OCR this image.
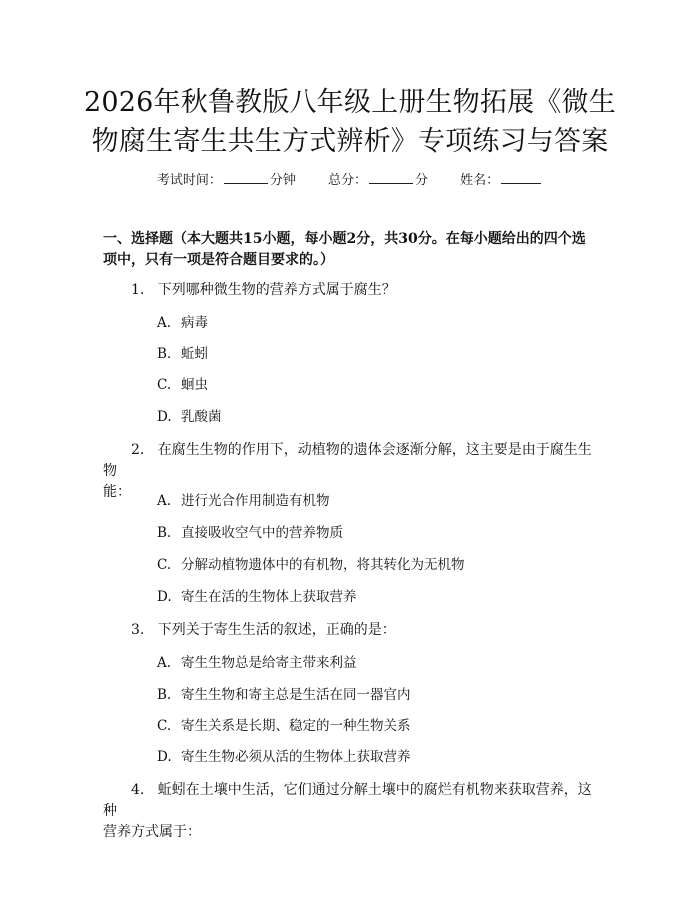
2026年秋鲁教版八年级上册生物拓展《微生
物腐生寄生共生方式辨析》专项练习与答案
考试时间：	分钟 总分：	分 姓名：

一、选择题（本大题共15小题，每小题2分，共30分。在每小题给出的四个选
项中，只有一项是符合题目要求的。）

1. 下列哪种微生物的营养方式属于腐生？

A. 病毒

B. 蚯蚓

C. 蛔虫

D. 乳酸菌

2. 在腐生生物的作用下，动植物的遗体会逐渐分解，这主要是由于腐生生物
能：

A. 进行光合作用制造有机物

B. 直接吸收空气中的营养物质

C. 分解动植物遗体中的有机物，将其转化为无机物

D. 寄生在活的生物体上获取营养

3. 下列关于寄生生活的叙述，正确的是：

A. 寄生生物总是给寄主带来利益

B. 寄生生物和寄主总是生活在同一器官内

C. 寄生关系是长期、稳定的一种生物关系

D. 寄生生物必须从活的生物体上获取营养

4. 蚯蚓在土壤中生活，它们通过分解土壤中的腐烂有机物来获取营养，这种
营养方式属于：
